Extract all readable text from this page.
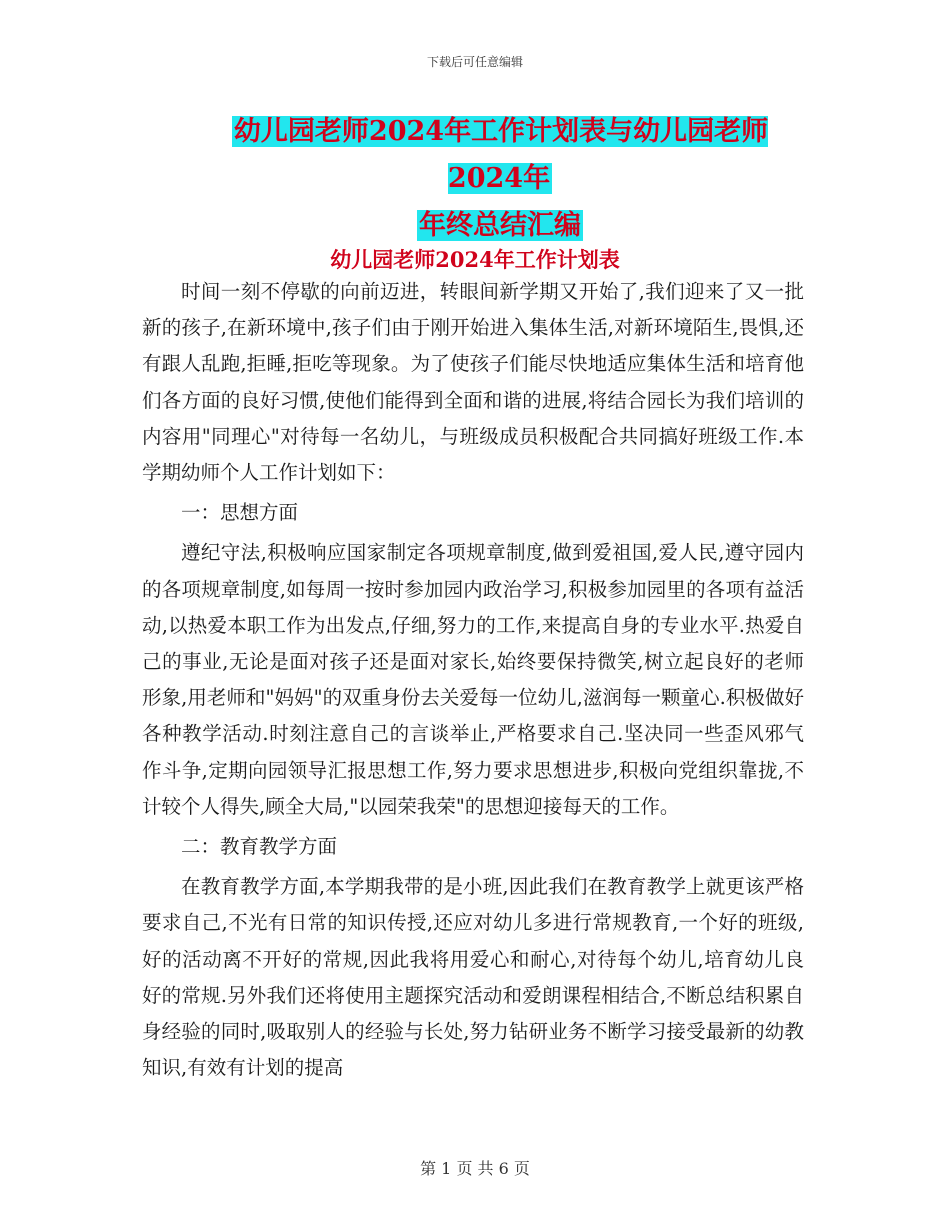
下载后可任意编辑
幼儿园老师2024年工作计划表与幼儿园老师2024年
年终总结汇编
幼儿园老师2024年工作计划表

时间一刻不停歇的向前迈进，转眼间新学期又开始了,我们迎来了又一批新的孩子,在新环境中,孩子们由于刚开始进入集体生活,对新环境陌生,畏惧,还有跟人乱跑,拒睡,拒吃等现象。为了使孩子们能尽快地适应集体生活和培育他们各方面的良好习惯,使他们能得到全面和谐的进展,将结合园长为我们培训的内容用"同理心"对待每一名幼儿，与班级成员积极配合共同搞好班级工作.本学期幼师个人工作计划如下：

一：思想方面

遵纪守法,积极响应国家制定各项规章制度,做到爱祖国,爱人民,遵守园内的各项规章制度,如每周一按时参加园内政治学习,积极参加园里的各项有益活动,以热爱本职工作为出发点,仔细,努力的工作,来提高自身的专业水平.热爱自己的事业,无论是面对孩子还是面对家长,始终要保持微笑,树立起良好的老师形象,用老师和"妈妈"的双重身份去关爱每一位幼儿,滋润每一颗童心.积极做好各种教学活动.时刻注意自己的言谈举止,严格要求自己.坚决同一些歪风邪气作斗争,定期向园领导汇报思想工作,努力要求思想进步,积极向党组织靠拢,不计较个人得失,顾全大局,"以园荣我荣"的思想迎接每天的工作。

二：教育教学方面

在教育教学方面,本学期我带的是小班,因此我们在教育教学上就更该严格要求自己,不光有日常的知识传授,还应对幼儿多进行常规教育,一个好的班级,好的活动离不开好的常规,因此我将用爱心和耐心,对待每个幼儿,培育幼儿良好的常规.另外我们还将使用主题探究活动和爱朗课程相结合,不断总结积累自身经验的同时,吸取别人的经验与长处,努力钻研业务不断学习接受最新的幼教知识,有效有计划的提高

第 1 页 共 6 页
